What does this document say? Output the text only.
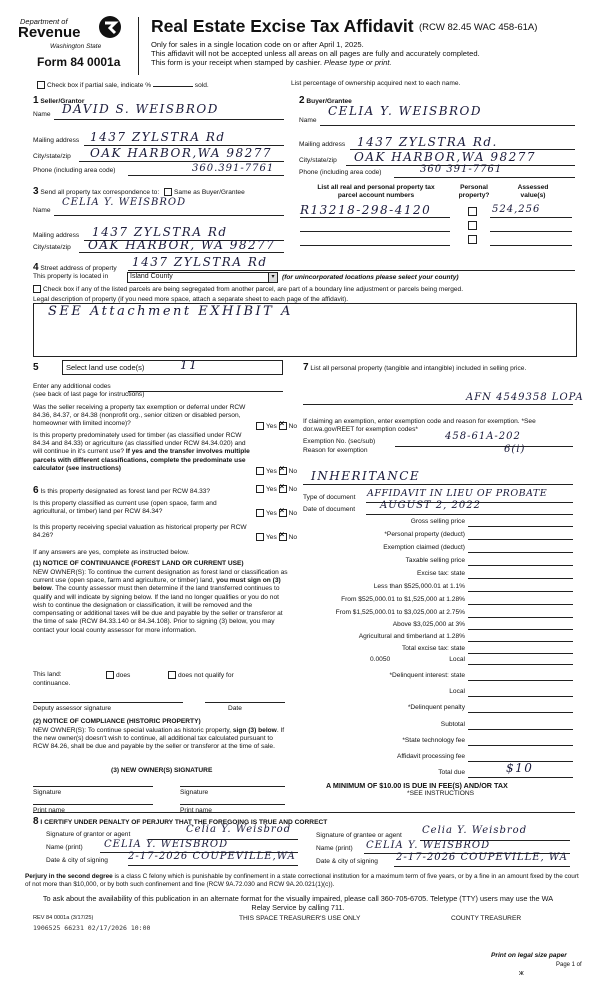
Department of
Revenue
Washington State
Form 84 0001a
Real Estate Excise Tax Affidavit (RCW 82.45 WAC 458-61A)
Only for sales in a single location code on or after April 1, 2025.
This affidavit will not be accepted unless all areas on all pages are fully and accurately completed.
This form is your receipt when stamped by cashier. Please type or print.
Check box if partial sale, indicate %	sold.	List percentage of ownership acquired next to each name.
1 Seller/Grantor
Name DAVID S. WEISBROD
Mailing address 1437 ZYLSTRA Rd
City/state/zip OAK HARBOR,WA 98277
Phone (including area code)	360.391-7761
2 Buyer/Grantee
Name
CELIA Y. WEISBROD
Mailing address 1437 ZYLSTRA Rd.
City/state/zip OAK HARBOR,WA 98277
Phone (including area code)	360 391-7761
3 Send all property tax correspondence to: Same as Buyer/Grantee
Name
CELIA Y. WEISBROD
Mailing address 1437 ZYLSTRA Rd
City/state/zip OAK HARBOR, WA 98277
List all real and personal property tax
parcel account numbers
Personal
property?
Assessed
value(s)
R13218-298-4120	524,256
4 Street address of property 1437 ZYLSTRA Rd
This property is located in	Island County	▾	(for unincorporated locations please select your county)
Check box if any of the listed parcels are being segregated from another parcel, are part of a boundary line adjustment or parcels being merged.
Legal description of property (if you need more space, attach a separate sheet to each page of the affidavit).
SEE Attachment EXHIBIT A
5	Select land use code(s)	11
Enter any additional codes
(see back of last page for instructions)
Was the seller receiving a property tax exemption or deferral under RCW 84.36, 84.37, or 84.38 (nonprofit org., senior citizen or disabled person, homeowner with limited income)?	Yes × No
Is this property predominately used for timber (as classified under RCW 84.34 and 84.33) or agriculture (as classified under RCW 84.34.020) and will continue in it's current use? If yes and the transfer involves multiple parcels with different classifications, complete the predominate use calculator (see instructions)	Yes × No
6 Is this property designated as forest land per RCW 84.33?	Yes × No
Is this property classified as current use (open space, farm and agricultural, or timber) land per RCW 84.34?	Yes × No
Is this property receiving special valuation as historical property per RCW 84.26?	Yes × No
If any answers are yes, complete as instructed below.
(1) NOTICE OF CONTINUANCE (FOREST LAND OR CURRENT USE)
NEW OWNER(S): To continue the current designation as forest land or classification as current use (open space, farm and agriculture, or timber) land, you must sign on (3) below. The county assessor must then determine if the land transferred continues to qualify and will indicate by signing below. If the land no longer qualifies or you do not wish to continue the designation or classification, it will be removed and the compensating or additional taxes will be due and payable by the seller or transferor at the time of sale (RCW 84.33.140 or 84.34.108). Prior to signing (3) below, you may contact your local county assessor for more information.
This land:	does	does not qualify for
continuance.
Deputy assessor signature	Date
(2) NOTICE OF COMPLIANCE (HISTORIC PROPERTY)
NEW OWNER(S): To continue special valuation as historic property, sign (3) below. If the new owner(s) doesn't wish to continue, all additional tax calculated pursuant to RCW 84.26, shall be due and payable by the seller or transferor at the time of sale.
(3) NEW OWNER(S) SIGNATURE
Signature	Signature
Print name	Print name
7 List all personal property (tangible and intangible) included in selling price.
AFN 4549358 LOPA
If claiming an exemption, enter exemption code and reason for exemption. *See dor.wa.gov/REET for exemption codes*
Exemption No. (sec/sub)	458-61A-202
Reason for exemption	6(i)
INHERITANCE
Type of document AFFIDAVIT IN LIEU OF PROBATE
Date of document AUGUST 2, 2022
Gross selling price
*Personal property (deduct)
Exemption claimed (deduct)
Taxable selling price
Excise tax: state
Less than $525,000.01 at 1.1%
From $525,000.01 to $1,525,000 at 1.28%
From $1,525,000.01 to $3,025,000 at 2.75%
Above $3,025,000 at 3%
Agricultural and timberland at 1.28%
Total excise tax: state
0.0050	Local
*Delinquent interest: state
Local
*Delinquent penalty
Subtotal
*State technology fee
Affidavit processing fee
Total due	$10
A MINIMUM OF $10.00 IS DUE IN FEE(S) AND/OR TAX
*SEE INSTRUCTIONS
8 I CERTIFY UNDER PENALTY OF PERJURY THAT THE FOREGOING IS TRUE AND CORRECT
Signature of grantor or agent	Celia Y. Weisbrod
Name (print) CELIA Y. WEISBROD
Date & city of signing 2-17-2026 COUPEVILLE,WA
Signature of grantee or agent Celia Y. Weisbrod
Name (print) CELIA Y. WEISBROD
Date & city of signing 2-17-2026 COUPEVILLE, WA
Perjury in the second degree is a class C felony which is punishable by confinement in a state correctional institution for a maximum term of five years, or by a fine in an amount fixed by the court of not more than $10,000, or by both such confinement and fine (RCW 9A.72.030 and RCW 9A.20.021(1)(c)).
To ask about the availability of this publication in an alternate format for the visually impaired, please call 360-705-6705. Teletype (TTY) users may use the WA Relay Service by calling 711.
REV 84 0001a (3/17/25)
1906525 66231 02/17/2026 10:00
THIS SPACE TREASURER'S USE ONLY	COUNTY TREASURER
Print on legal size paper
Page 1 of
ж
